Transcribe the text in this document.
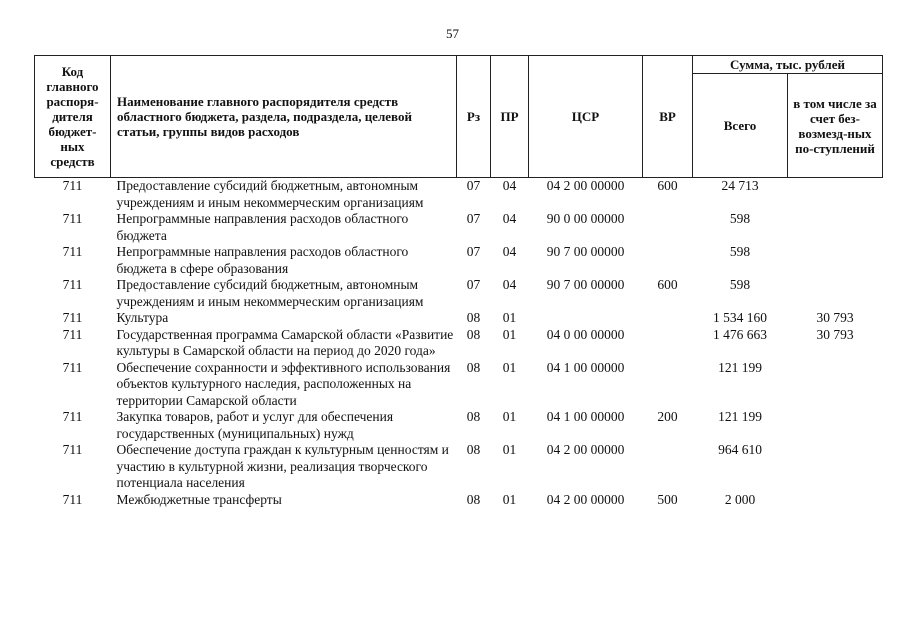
57
Код главного распоря-дителя бюджет-ных средств	Наименование главного распорядителя средств областного бюджета, раздела, подраздела, целевой статьи, группы видов расходов	Рз	ПР	ЦСР	ВР	Сумма, тыс. рублей	
						Всего	в том числе за счет без-возмезд-ных по-ступлений
711	Предоставление субсидий бюджетным, автономным учреждениям и иным некоммерческим организациям	07	04	04 2 00 00000	600	24 713	
711	Непрограммные направления расходов областного бюджета	07	04	90 0 00 00000		598	
711	Непрограммные направления расходов областного бюджета в сфере образования	07	04	90 7 00 00000		598	
711	Предоставление субсидий бюджетным, автономным учреждениям и иным некоммерческим организациям	07	04	90 7 00 00000	600	598	
711	Культура	08	01			1 534 160	30 793
711	Государственная программа Самарской области «Развитие культуры в Самарской области на период до 2020 года»	08	01	04 0 00 00000		1 476 663	30 793
711	Обеспечение сохранности и эффективного использования объектов культурного наследия, расположенных на территории Самарской области	08	01	04 1 00 00000		121 199	
711	Закупка товаров, работ и услуг для обеспечения государственных (муниципальных) нужд	08	01	04 1 00 00000	200	121 199	
711	Обеспечение доступа граждан к культурным ценностям и участию в культурной жизни, реализация творческого потенциала населения	08	01	04 2 00 00000		964 610	
711	Межбюджетные трансферты	08	01	04 2 00 00000	500	2 000	
